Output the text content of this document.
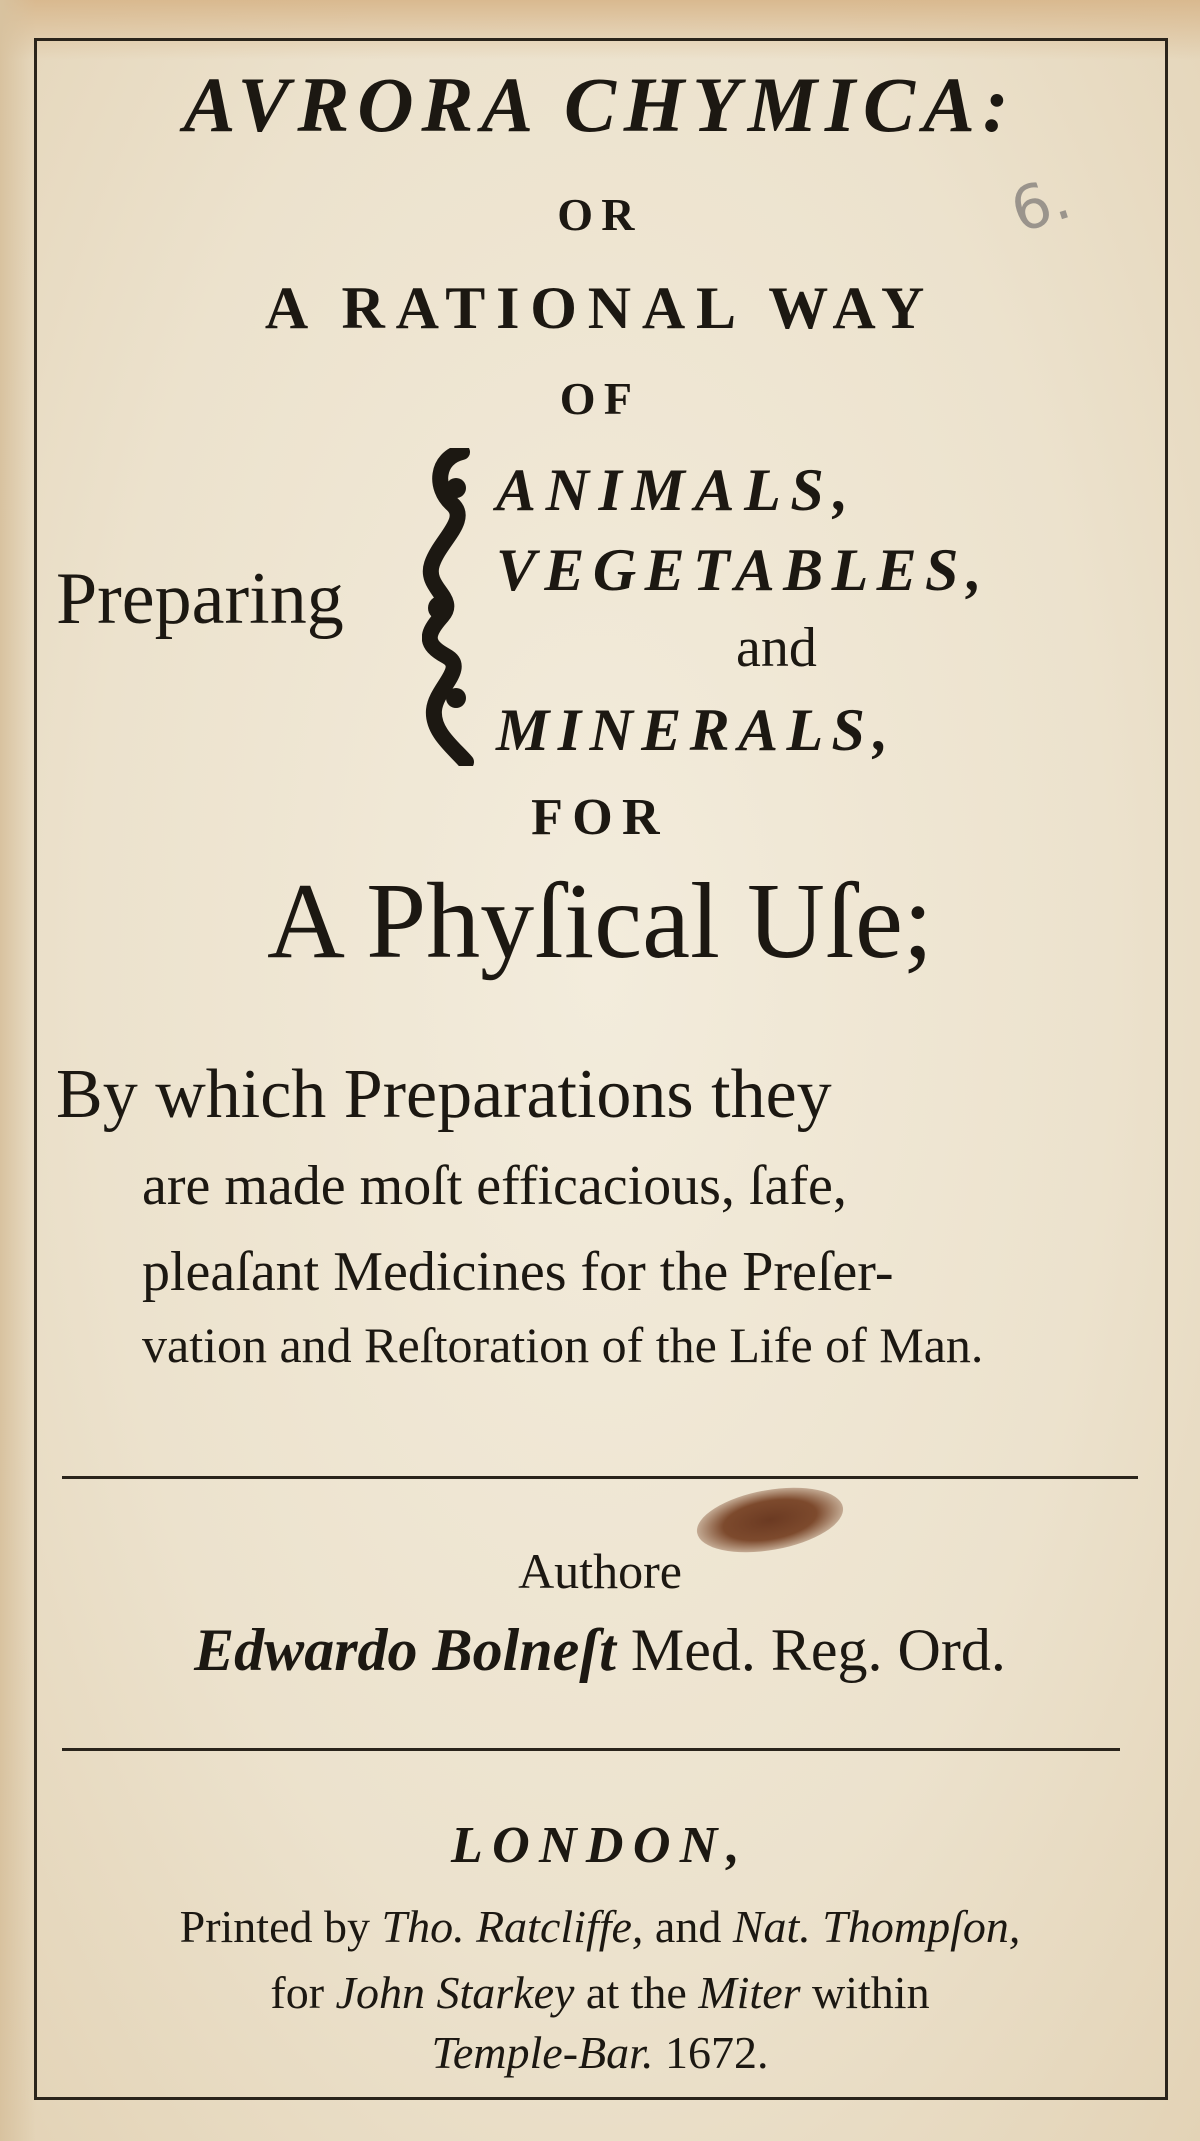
6.
AVRORA CHYMICA:
OR
A RATIONAL WAY
OF
Preparing
ANIMALS,
VEGETABLES,
and
MINERALS,
FOR
A Phyſical Uſe;
By which Preparations they
are made moſt efficacious, ſafe,
pleaſant Medicines for the Preſer-
vation and Reſtoration of the Life of Man.
Authore
Edwardo Bolneſt Med. Reg. Ord.
LONDON,
Printed by Tho. Ratcliffe, and Nat. Thompſon,
for John Starkey at the Miter within
Temple-Bar. 1672.
